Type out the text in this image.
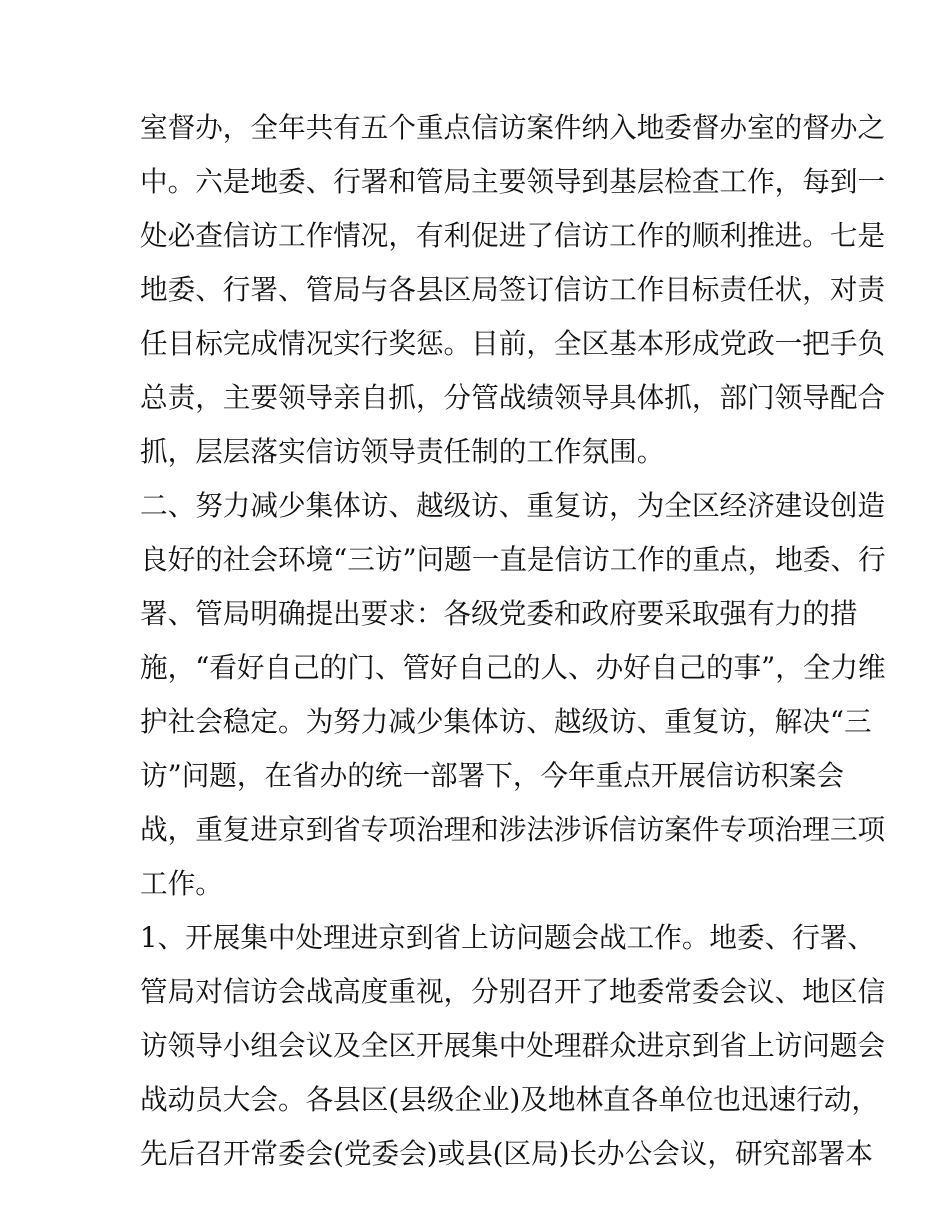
室督办，全年共有五个重点信访案件纳入地委督办室的督办之
中。六是地委、行署和管局主要领导到基层检查工作，每到一
处必查信访工作情况，有利促进了信访工作的顺利推进。七是
地委、行署、管局与各县区局签订信访工作目标责任状，对责
任目标完成情况实行奖惩。目前，全区基本形成党政一把手负
总责，主要领导亲自抓，分管战绩领导具体抓，部门领导配合
抓，层层落实信访领导责任制的工作氛围。
二、努力减少集体访、越级访、重复访，为全区经济建设创造
良好的社会环境“三访”问题一直是信访工作的重点，地委、行
署、管局明确提出要求：各级党委和政府要采取强有力的措
施，“看好自己的门、管好自己的人、办好自己的事”，全力维
护社会稳定。为努力减少集体访、越级访、重复访，解决“三
访”问题，在省办的统一部署下，今年重点开展信访积案会
战，重复进京到省专项治理和涉法涉诉信访案件专项治理三项
工作。
1、开展集中处理进京到省上访问题会战工作。地委、行署、
管局对信访会战高度重视，分别召开了地委常委会议、地区信
访领导小组会议及全区开展集中处理群众进京到省上访问题会
战动员大会。各县区(县级企业)及地林直各单位也迅速行动，
先后召开常委会(党委会)或县(区局)长办公会议，研究部署本
